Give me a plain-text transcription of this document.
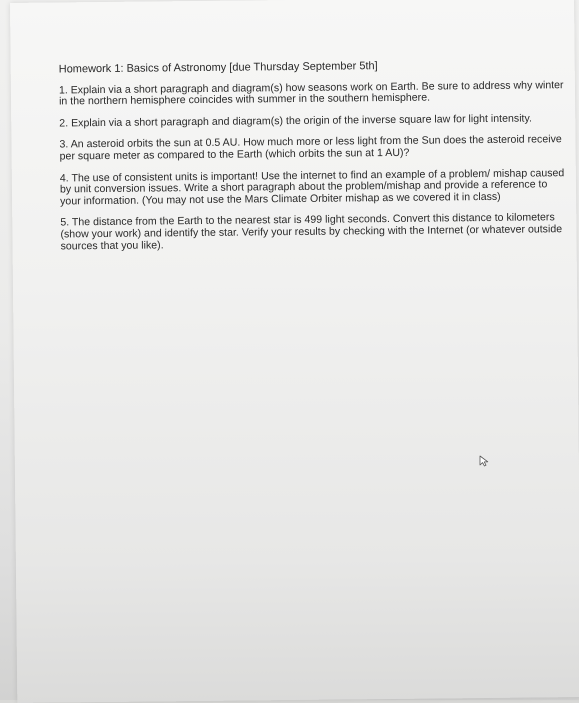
Homework 1: Basics of Astronomy [due Thursday September 5th]
1. Explain via a short paragraph and diagram(s) how seasons work on Earth. Be sure to address why winter in the northern hemisphere coincides with summer in the southern hemisphere.
2. Explain via a short paragraph and diagram(s) the origin of the inverse square law for light intensity.
3. An asteroid orbits the sun at 0.5 AU. How much more or less light from the Sun does the asteroid receive per square meter as compared to the Earth (which orbits the sun at 1 AU)?
4. The use of consistent units is important! Use the internet to find an example of a problem/ mishap caused by unit conversion issues. Write a short paragraph about the problem/mishap and provide a reference to your information. (You may not use the Mars Climate Orbiter mishap as we covered it in class)
5. The distance from the Earth to the nearest star is 499 light seconds. Convert this distance to kilometers (show your work) and identify the star. Verify your results by checking with the Internet (or whatever outside sources that you like).
